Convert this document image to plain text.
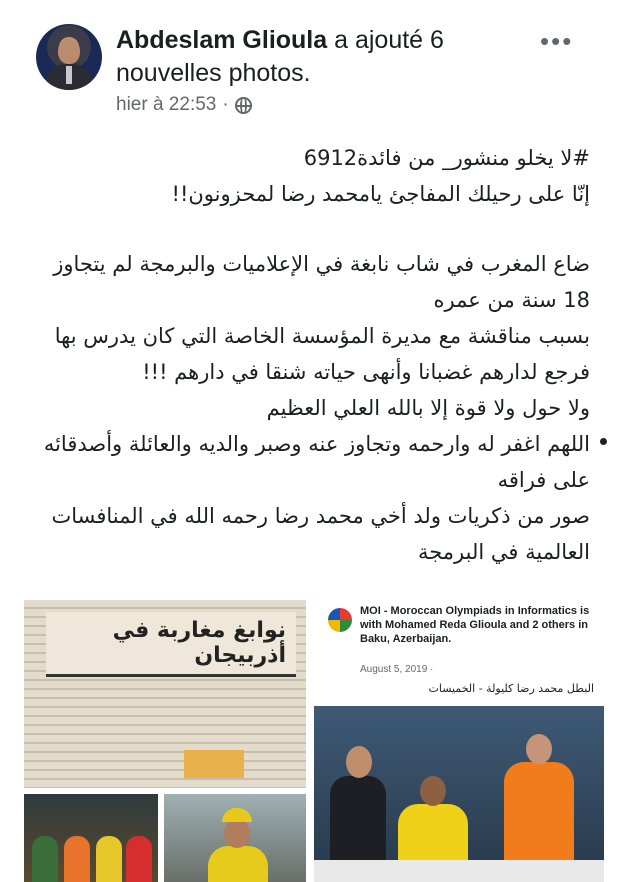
Abdeslam Glioula a ajouté 6 nouvelles photos.
hier à 22:53 ·
•••

#لا يخلو منشور_ من فائدة6912

إنّا على رحيلك المفاجئ يامحمد رضا لمحزونون!!

ضاع المغرب في شاب نابغة في الإعلاميات والبرمجة لم يتجاوز 18 سنة من عمره

بسبب مناقشة مع مديرة المؤسسة الخاصة التي كان يدرس بها فرجع لدارهم غضبانا وأنهى حياته شنقا في دارهم !!!

ولا حول ولا قوة إلا بالله العلي العظيم

اللهم اغفر له وارحمه وتجاوز عنه وصبر والديه والعائلة وأصدقائه على فراقه

صور من ذكريات ولد أخي محمد رضا رحمه الله في المنافسات العالمية في البرمجة

نوابغ مغاربة في أذربيجان
MOI - Moroccan Olympiads in Informatics is with Mohamed Reda Glioula and 2 others in Baku, Azerbaijan.
August 5, 2019 ·
البطل محمد رضا كليولة - الخميسات
